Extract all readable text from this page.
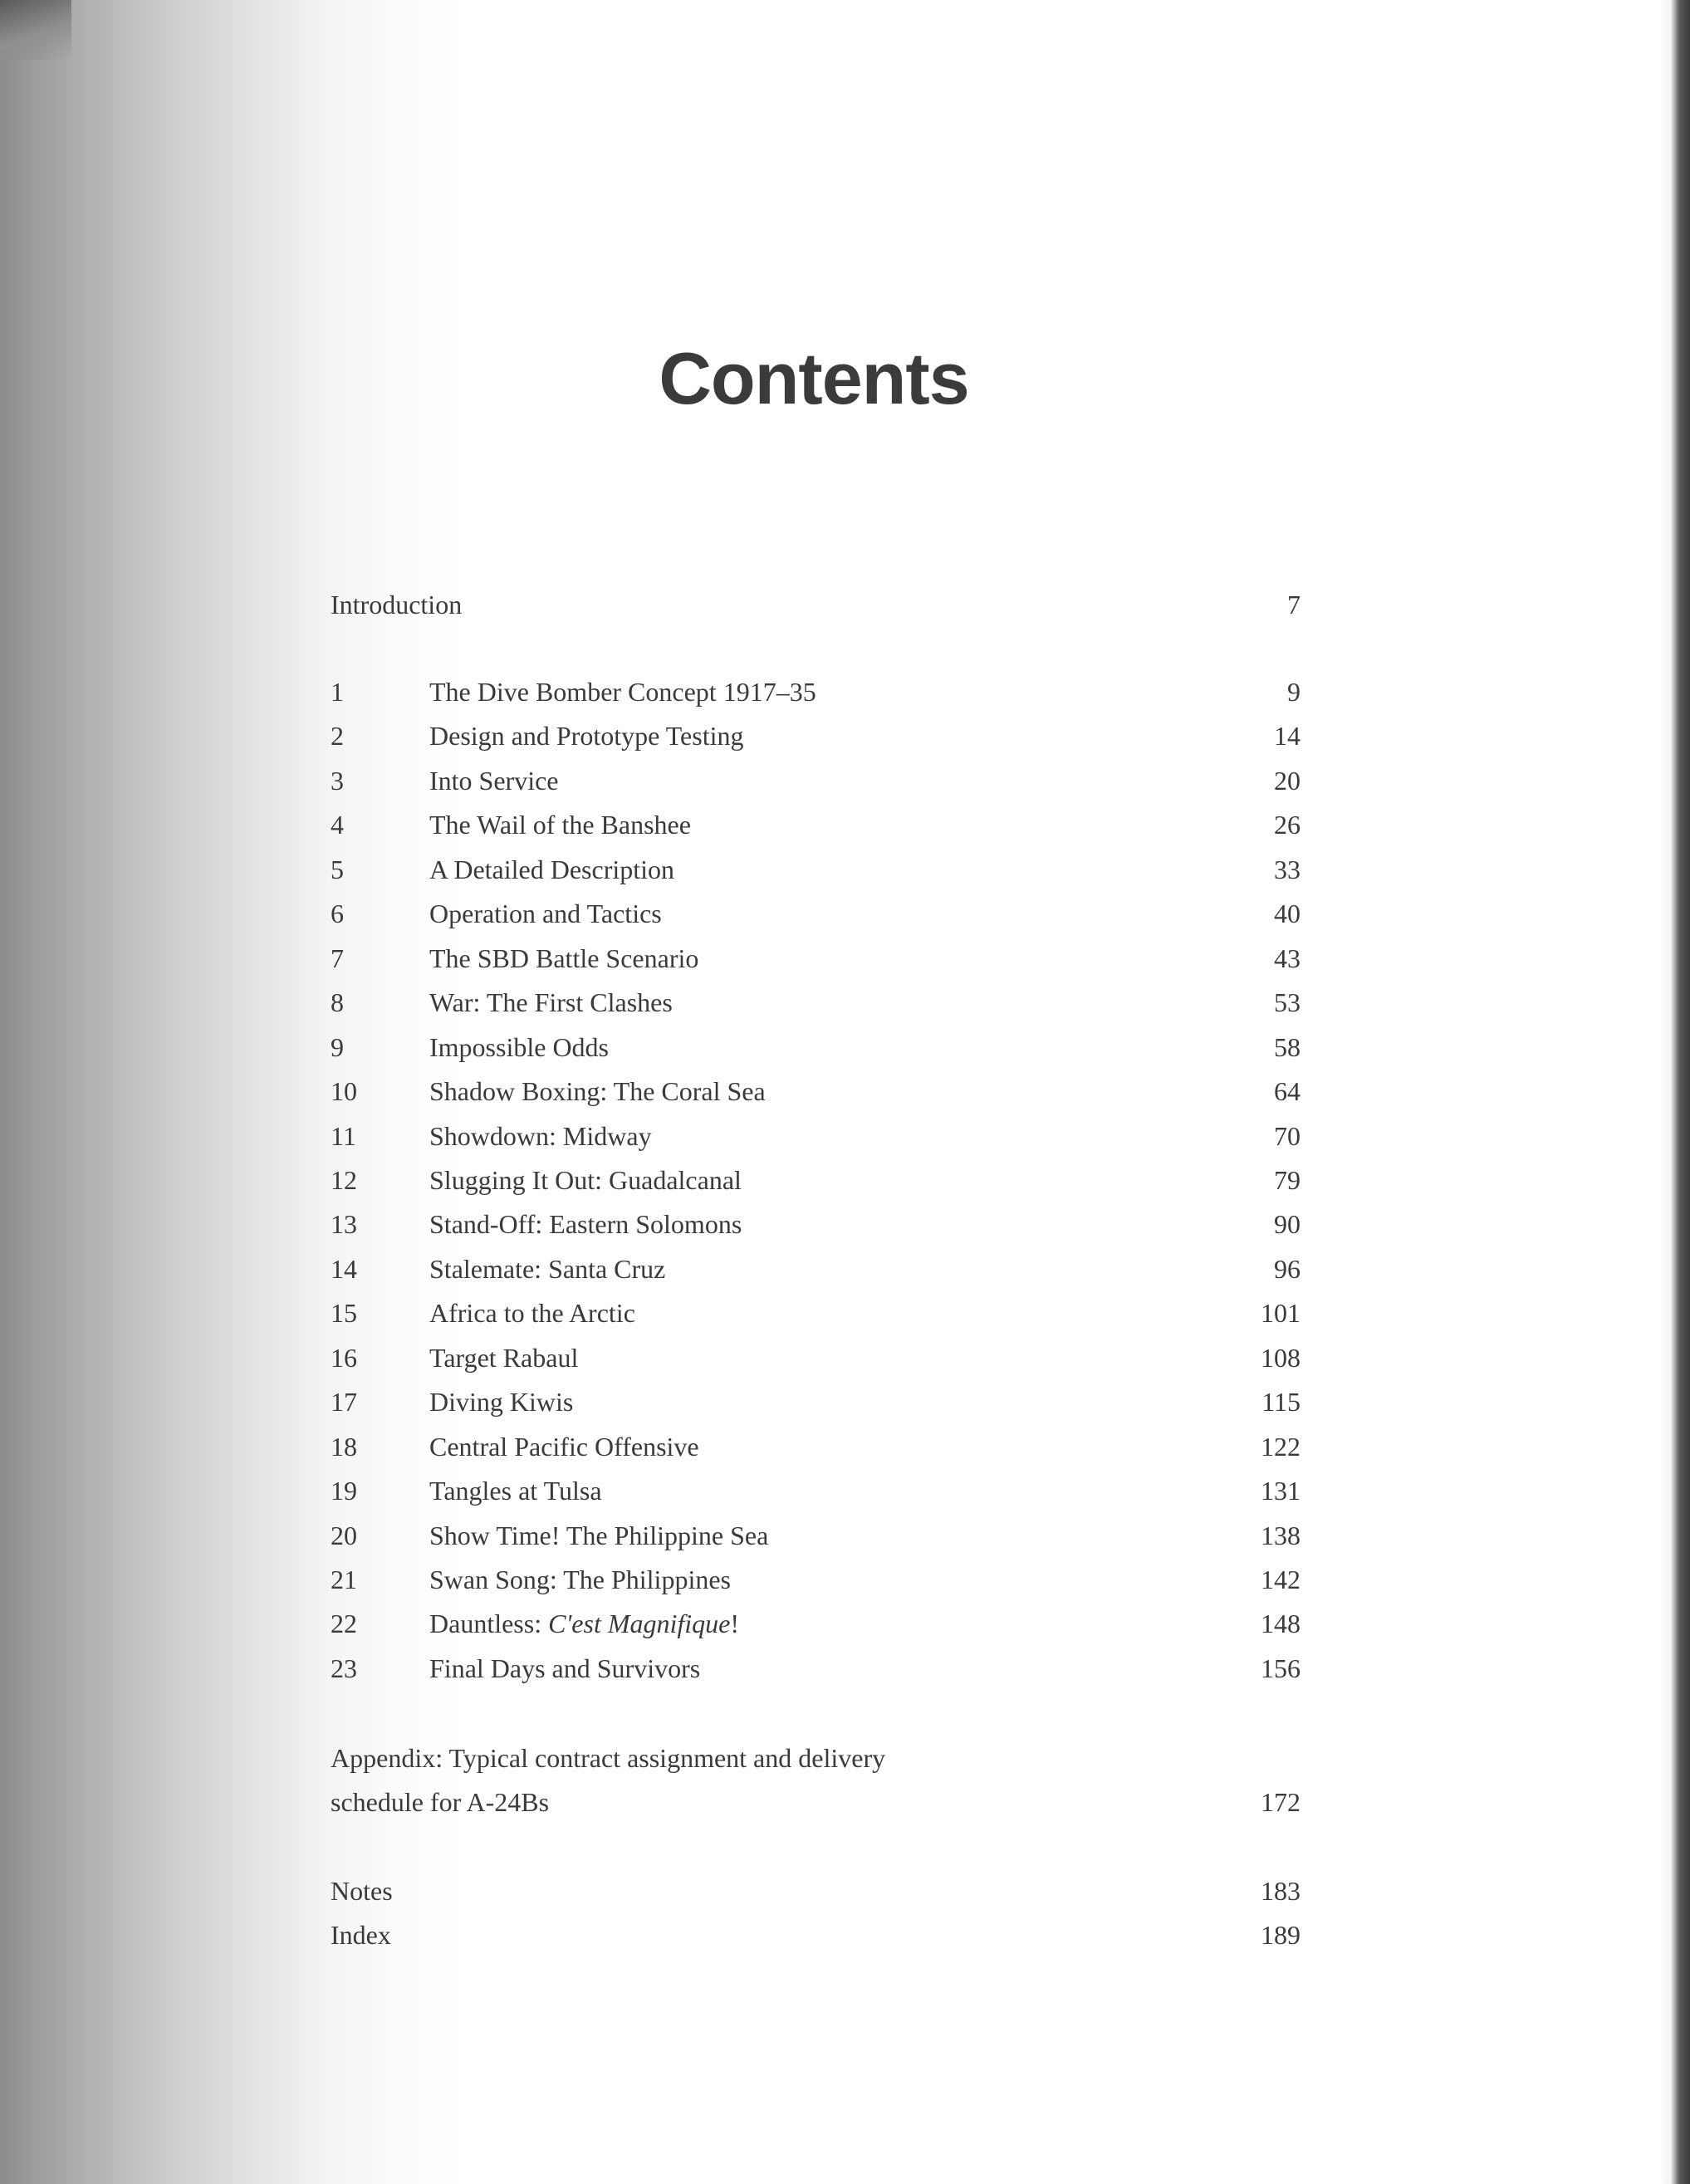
Contents
Introduction	7
Appendix: Typical contract assignment and delivery
schedule for A-24Bs	172
Notes	183
Index	189
1	The Dive Bomber Concept 1917–35	9
2	Design and Prototype Testing	14
3	Into Service	20
4	The Wail of the Banshee	26
5	A Detailed Description	33
6	Operation and Tactics	40
7	The SBD Battle Scenario	43
8	War: The First Clashes	53
9	Impossible Odds	58
10	Shadow Boxing: The Coral Sea	64
11	Showdown: Midway	70
12	Slugging It Out: Guadalcanal	79
13	Stand-Off: Eastern Solomons	90
14	Stalemate: Santa Cruz	96
15	Africa to the Arctic	101
16	Target Rabaul	108
17	Diving Kiwis	115
18	Central Pacific Offensive	122
19	Tangles at Tulsa	131
20	Show Time! The Philippine Sea	138
21	Swan Song: The Philippines	142
22	Dauntless: C'est Magnifique!	148
23	Final Days and Survivors	156
